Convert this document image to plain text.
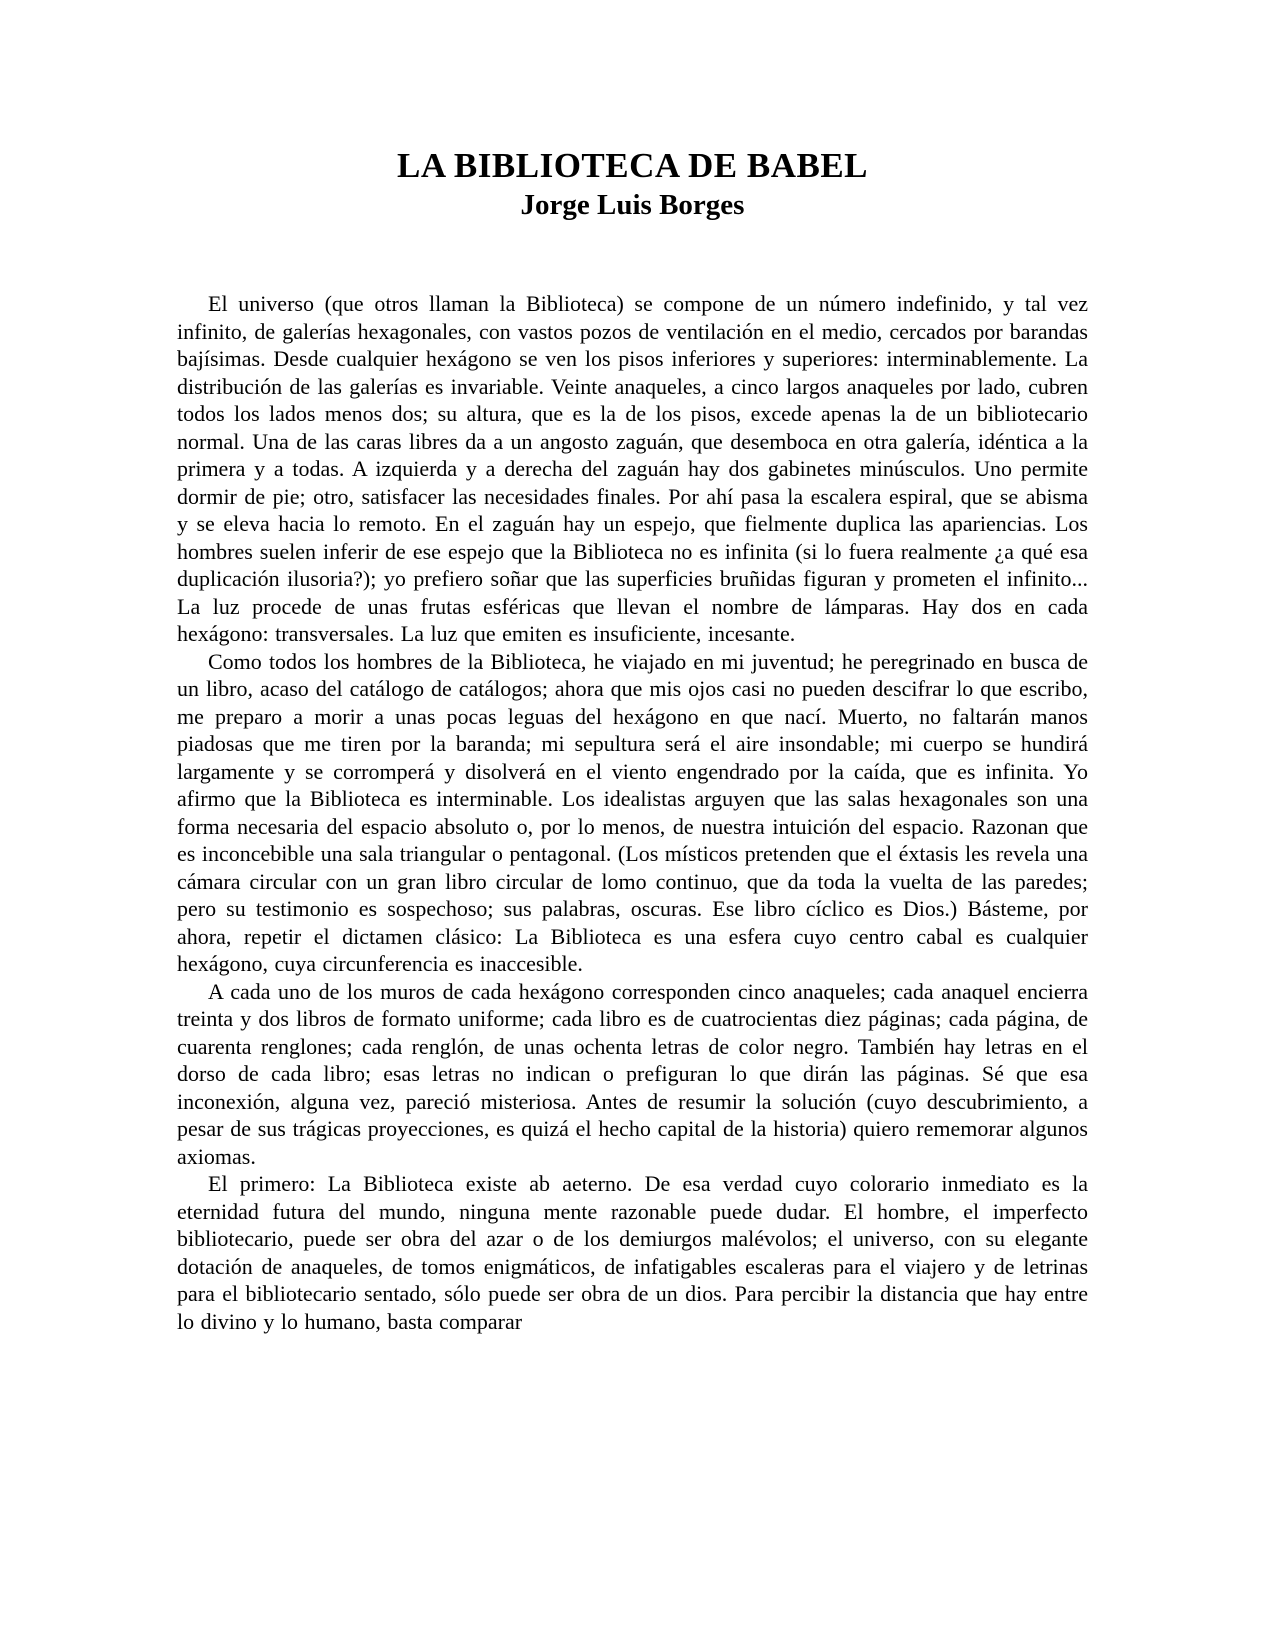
LA BIBLIOTECA DE BABEL
Jorge Luis Borges

El universo (que otros llaman la Biblioteca) se compone de un número indefinido, y tal vez infinito, de galerías hexagonales, con vastos pozos de ventilación en el medio, cercados por barandas bajísimas. Desde cualquier hexágono se ven los pisos inferiores y superiores: interminablemente. La distribución de las galerías es invariable. Veinte anaqueles, a cinco largos anaqueles por lado, cubren todos los lados menos dos; su altura, que es la de los pisos, excede apenas la de un bibliotecario normal. Una de las caras libres da a un angosto zaguán, que desemboca en otra galería, idéntica a la primera y a todas. A izquierda y a derecha del zaguán hay dos gabinetes minúsculos. Uno permite dormir de pie; otro, satisfacer las necesidades finales. Por ahí pasa la escalera espiral, que se abisma y se eleva hacia lo remoto. En el zaguán hay un espejo, que fielmente duplica las apariencias. Los hombres suelen inferir de ese espejo que la Biblioteca no es infinita (si lo fuera realmente ¿a qué esa duplicación ilusoria?); yo prefiero soñar que las superficies bruñidas figuran y prometen el infinito... La luz procede de unas frutas esféricas que llevan el nombre de lámparas. Hay dos en cada hexágono: transversales. La luz que emiten es insuficiente, incesante.

Como todos los hombres de la Biblioteca, he viajado en mi juventud; he peregrinado en busca de un libro, acaso del catálogo de catálogos; ahora que mis ojos casi no pueden descifrar lo que escribo, me preparo a morir a unas pocas leguas del hexágono en que nací. Muerto, no faltarán manos piadosas que me tiren por la baranda; mi sepultura será el aire insondable; mi cuerpo se hundirá largamente y se corromperá y disolverá en el viento engendrado por la caída, que es infinita. Yo afirmo que la Biblioteca es interminable. Los idealistas arguyen que las salas hexagonales son una forma necesaria del espacio absoluto o, por lo menos, de nuestra intuición del espacio. Razonan que es inconcebible una sala triangular o pentagonal. (Los místicos pretenden que el éxtasis les revela una cámara circular con un gran libro circular de lomo continuo, que da toda la vuelta de las paredes; pero su testimonio es sospechoso; sus palabras, oscuras. Ese libro cíclico es Dios.) Básteme, por ahora, repetir el dictamen clásico: La Biblioteca es una esfera cuyo centro cabal es cualquier hexágono, cuya circunferencia es inaccesible.

A cada uno de los muros de cada hexágono corresponden cinco anaqueles; cada anaquel encierra treinta y dos libros de formato uniforme; cada libro es de cuatrocientas diez páginas; cada página, de cuarenta renglones; cada renglón, de unas ochenta letras de color negro. También hay letras en el dorso de cada libro; esas letras no indican o prefiguran lo que dirán las páginas. Sé que esa inconexión, alguna vez, pareció misteriosa. Antes de resumir la solución (cuyo descubrimiento, a pesar de sus trágicas proyecciones, es quizá el hecho capital de la historia) quiero rememorar algunos axiomas.

El primero: La Biblioteca existe ab aeterno. De esa verdad cuyo colorario inmediato es la eternidad futura del mundo, ninguna mente razonable puede dudar. El hombre, el imperfecto bibliotecario, puede ser obra del azar o de los demiurgos malévolos; el universo, con su elegante dotación de anaqueles, de tomos enigmáticos, de infatigables escaleras para el viajero y de letrinas para el bibliotecario sentado, sólo puede ser obra de un dios. Para percibir la distancia que hay entre lo divino y lo humano, basta comparar
